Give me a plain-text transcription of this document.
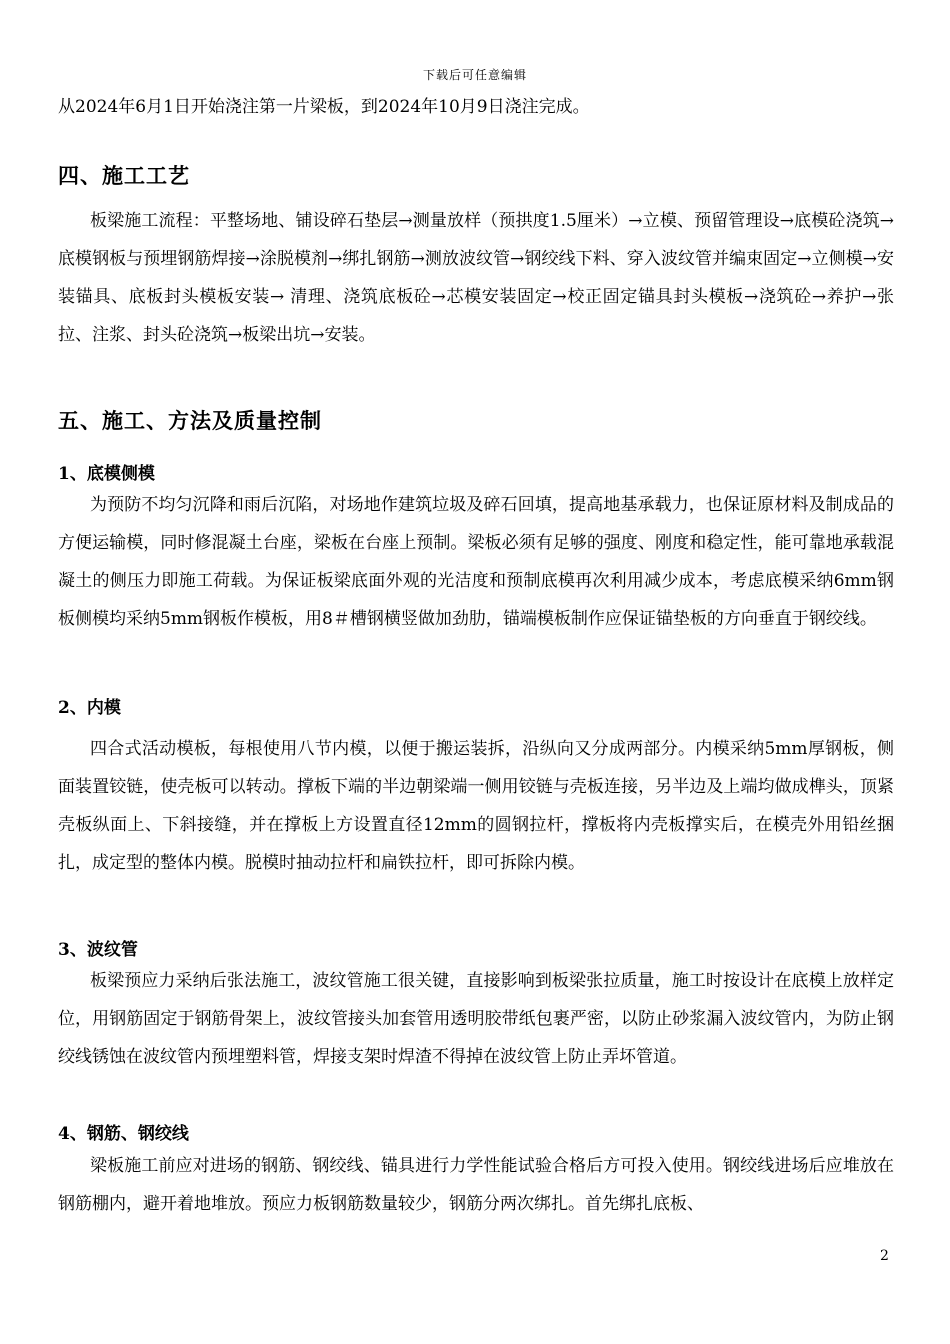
下载后可任意编辑

从2024年6月1日开始浇注第一片梁板，到2024年10月9日浇注完成。

四、施工工艺

板梁施工流程：平整场地、铺设碎石垫层→测量放样（预拱度1.5厘米）→立模、预留管理设→底模砼浇筑→底模钢板与预埋钢筋焊接→涂脱模剂→绑扎钢筋→测放波纹管→钢绞线下料、穿入波纹管并编束固定→立侧模→安装锚具、底板封头模板安装→ 清理、浇筑底板砼→芯模安装固定→校正固定锚具封头模板→浇筑砼→养护→张拉、注浆、封头砼浇筑→板梁出坑→安装。

五、施工、方法及质量控制
1、底模侧模

为预防不均匀沉降和雨后沉陷，对场地作建筑垃圾及碎石回填，提高地基承载力，也保证原材料及制成品的方便运输模，同时修混凝土台座，梁板在台座上预制。梁板必须有足够的强度、刚度和稳定性，能可靠地承载混凝土的侧压力即施工荷载。为保证板梁底面外观的光洁度和预制底模再次利用减少成本，考虑底模采纳6mm钢板侧模均采纳5mm钢板作模板，用8＃槽钢横竖做加劲肋，锚端模板制作应保证锚垫板的方向垂直于钢绞线。

2、内模

四合式活动模板，每根使用八节内模，以便于搬运装拆，沿纵向又分成两部分。内模采纳5mm厚钢板，侧面装置铰链，使壳板可以转动。撑板下端的半边朝梁端一侧用铰链与壳板连接，另半边及上端均做成榫头，顶紧壳板纵面上、下斜接缝，并在撑板上方设置直径12mm的圆钢拉杆，撑板将内壳板撑实后，在模壳外用铅丝捆扎，成定型的整体内模。脱模时抽动拉杆和扁铁拉杆，即可拆除内模。

3、波纹管

板梁预应力采纳后张法施工，波纹管施工很关键，直接影响到板梁张拉质量，施工时按设计在底模上放样定位，用钢筋固定于钢筋骨架上，波纹管接头加套管用透明胶带纸包裹严密，以防止砂浆漏入波纹管内，为防止钢绞线锈蚀在波纹管内预埋塑料管，焊接支架时焊渣不得掉在波纹管上防止弄坏管道。

4、钢筋、钢绞线

梁板施工前应对进场的钢筋、钢绞线、锚具进行力学性能试验合格后方可投入使用。钢绞线进场后应堆放在钢筋棚内，避开着地堆放。预应力板钢筋数量较少，钢筋分两次绑扎。首先绑扎底板、

2
